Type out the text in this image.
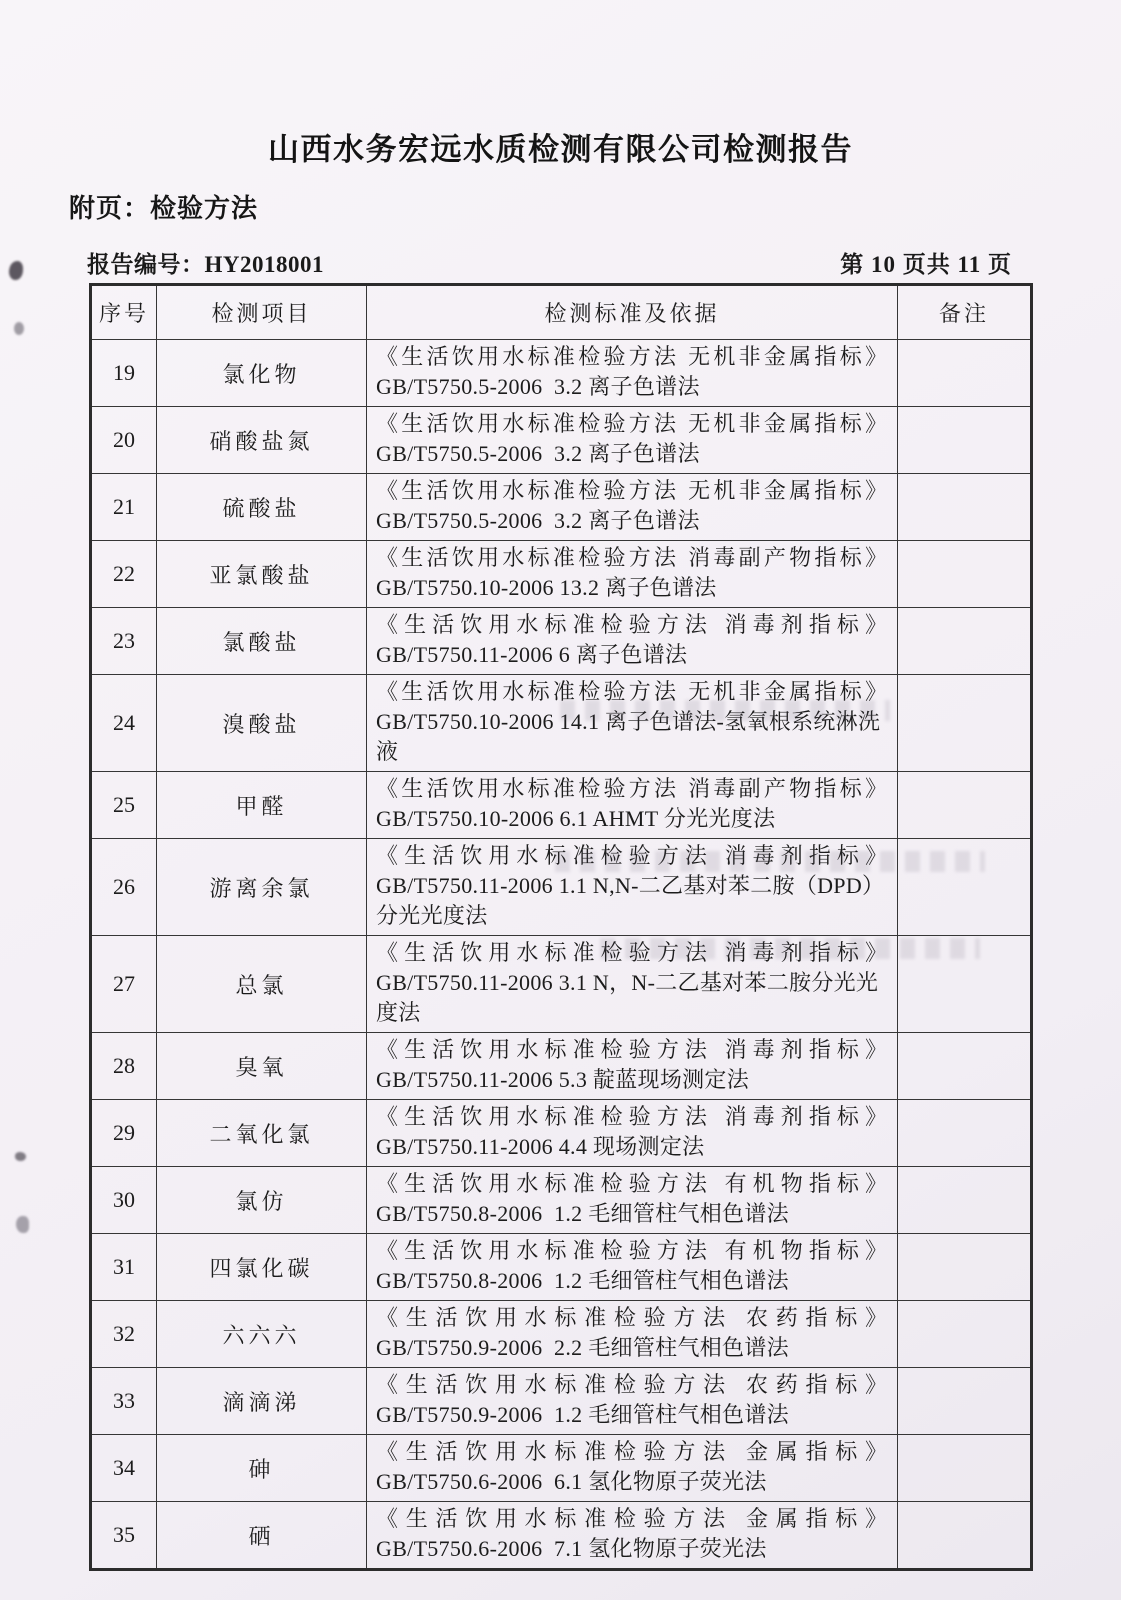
山西水务宏远水质检测有限公司检测报告
附页：检验方法
报告编号：HY2018001	第 10 页共 11 页
序号	检测项目	检测标准及依据	备注
19	氯化物	《生活饮用水标准检验方法 无机非金属指标》
GB/T5750.5-2006  3.2 离子色谱法	

20	硝酸盐氮	《生活饮用水标准检验方法 无机非金属指标》
GB/T5750.5-2006  3.2 离子色谱法	

21	硫酸盐	《生活饮用水标准检验方法 无机非金属指标》
GB/T5750.5-2006  3.2 离子色谱法	

22	亚氯酸盐	《生活饮用水标准检验方法 消毒副产物指标》
GB/T5750.10-2006 13.2 离子色谱法	

23	氯酸盐	《生活饮用水标准检验方法 消毒剂指标》
GB/T5750.11-2006 6 离子色谱法	

24	溴酸盐	《生活饮用水标准检验方法 无机非金属指标》
GB/T5750.10-2006 14.1 离子色谱法-氢氧根系统淋洗液	

25	甲醛	《生活饮用水标准检验方法 消毒副产物指标》
GB/T5750.10-2006 6.1 AHMT 分光光度法	

26	游离余氯	《生活饮用水标准检验方法 消毒剂指标》
GB/T5750.11-2006 1.1 N,N-二乙基对苯二胺（DPD）分光光度法	

27	总氯	《生活饮用水标准检验方法 消毒剂指标》
GB/T5750.11-2006 3.1 N，N-二乙基对苯二胺分光光度法	

28	臭氧	《生活饮用水标准检验方法 消毒剂指标》
GB/T5750.11-2006 5.3 靛蓝现场测定法	

29	二氧化氯	《生活饮用水标准检验方法 消毒剂指标》
GB/T5750.11-2006 4.4 现场测定法	

30	氯仿	《生活饮用水标准检验方法 有机物指标》
GB/T5750.8-2006  1.2 毛细管柱气相色谱法	

31	四氯化碳	《生活饮用水标准检验方法 有机物指标》
GB/T5750.8-2006  1.2 毛细管柱气相色谱法	

32	六六六	《生活饮用水标准检验方法 农药指标》
GB/T5750.9-2006  2.2 毛细管柱气相色谱法	

33	滴滴涕	《生活饮用水标准检验方法 农药指标》
GB/T5750.9-2006  1.2 毛细管柱气相色谱法	

34	砷	《生活饮用水标准检验方法 金属指标》
GB/T5750.6-2006  6.1 氢化物原子荧光法	

35	硒	《生活饮用水标准检验方法 金属指标》
GB/T5750.6-2006  7.1 氢化物原子荧光法	
